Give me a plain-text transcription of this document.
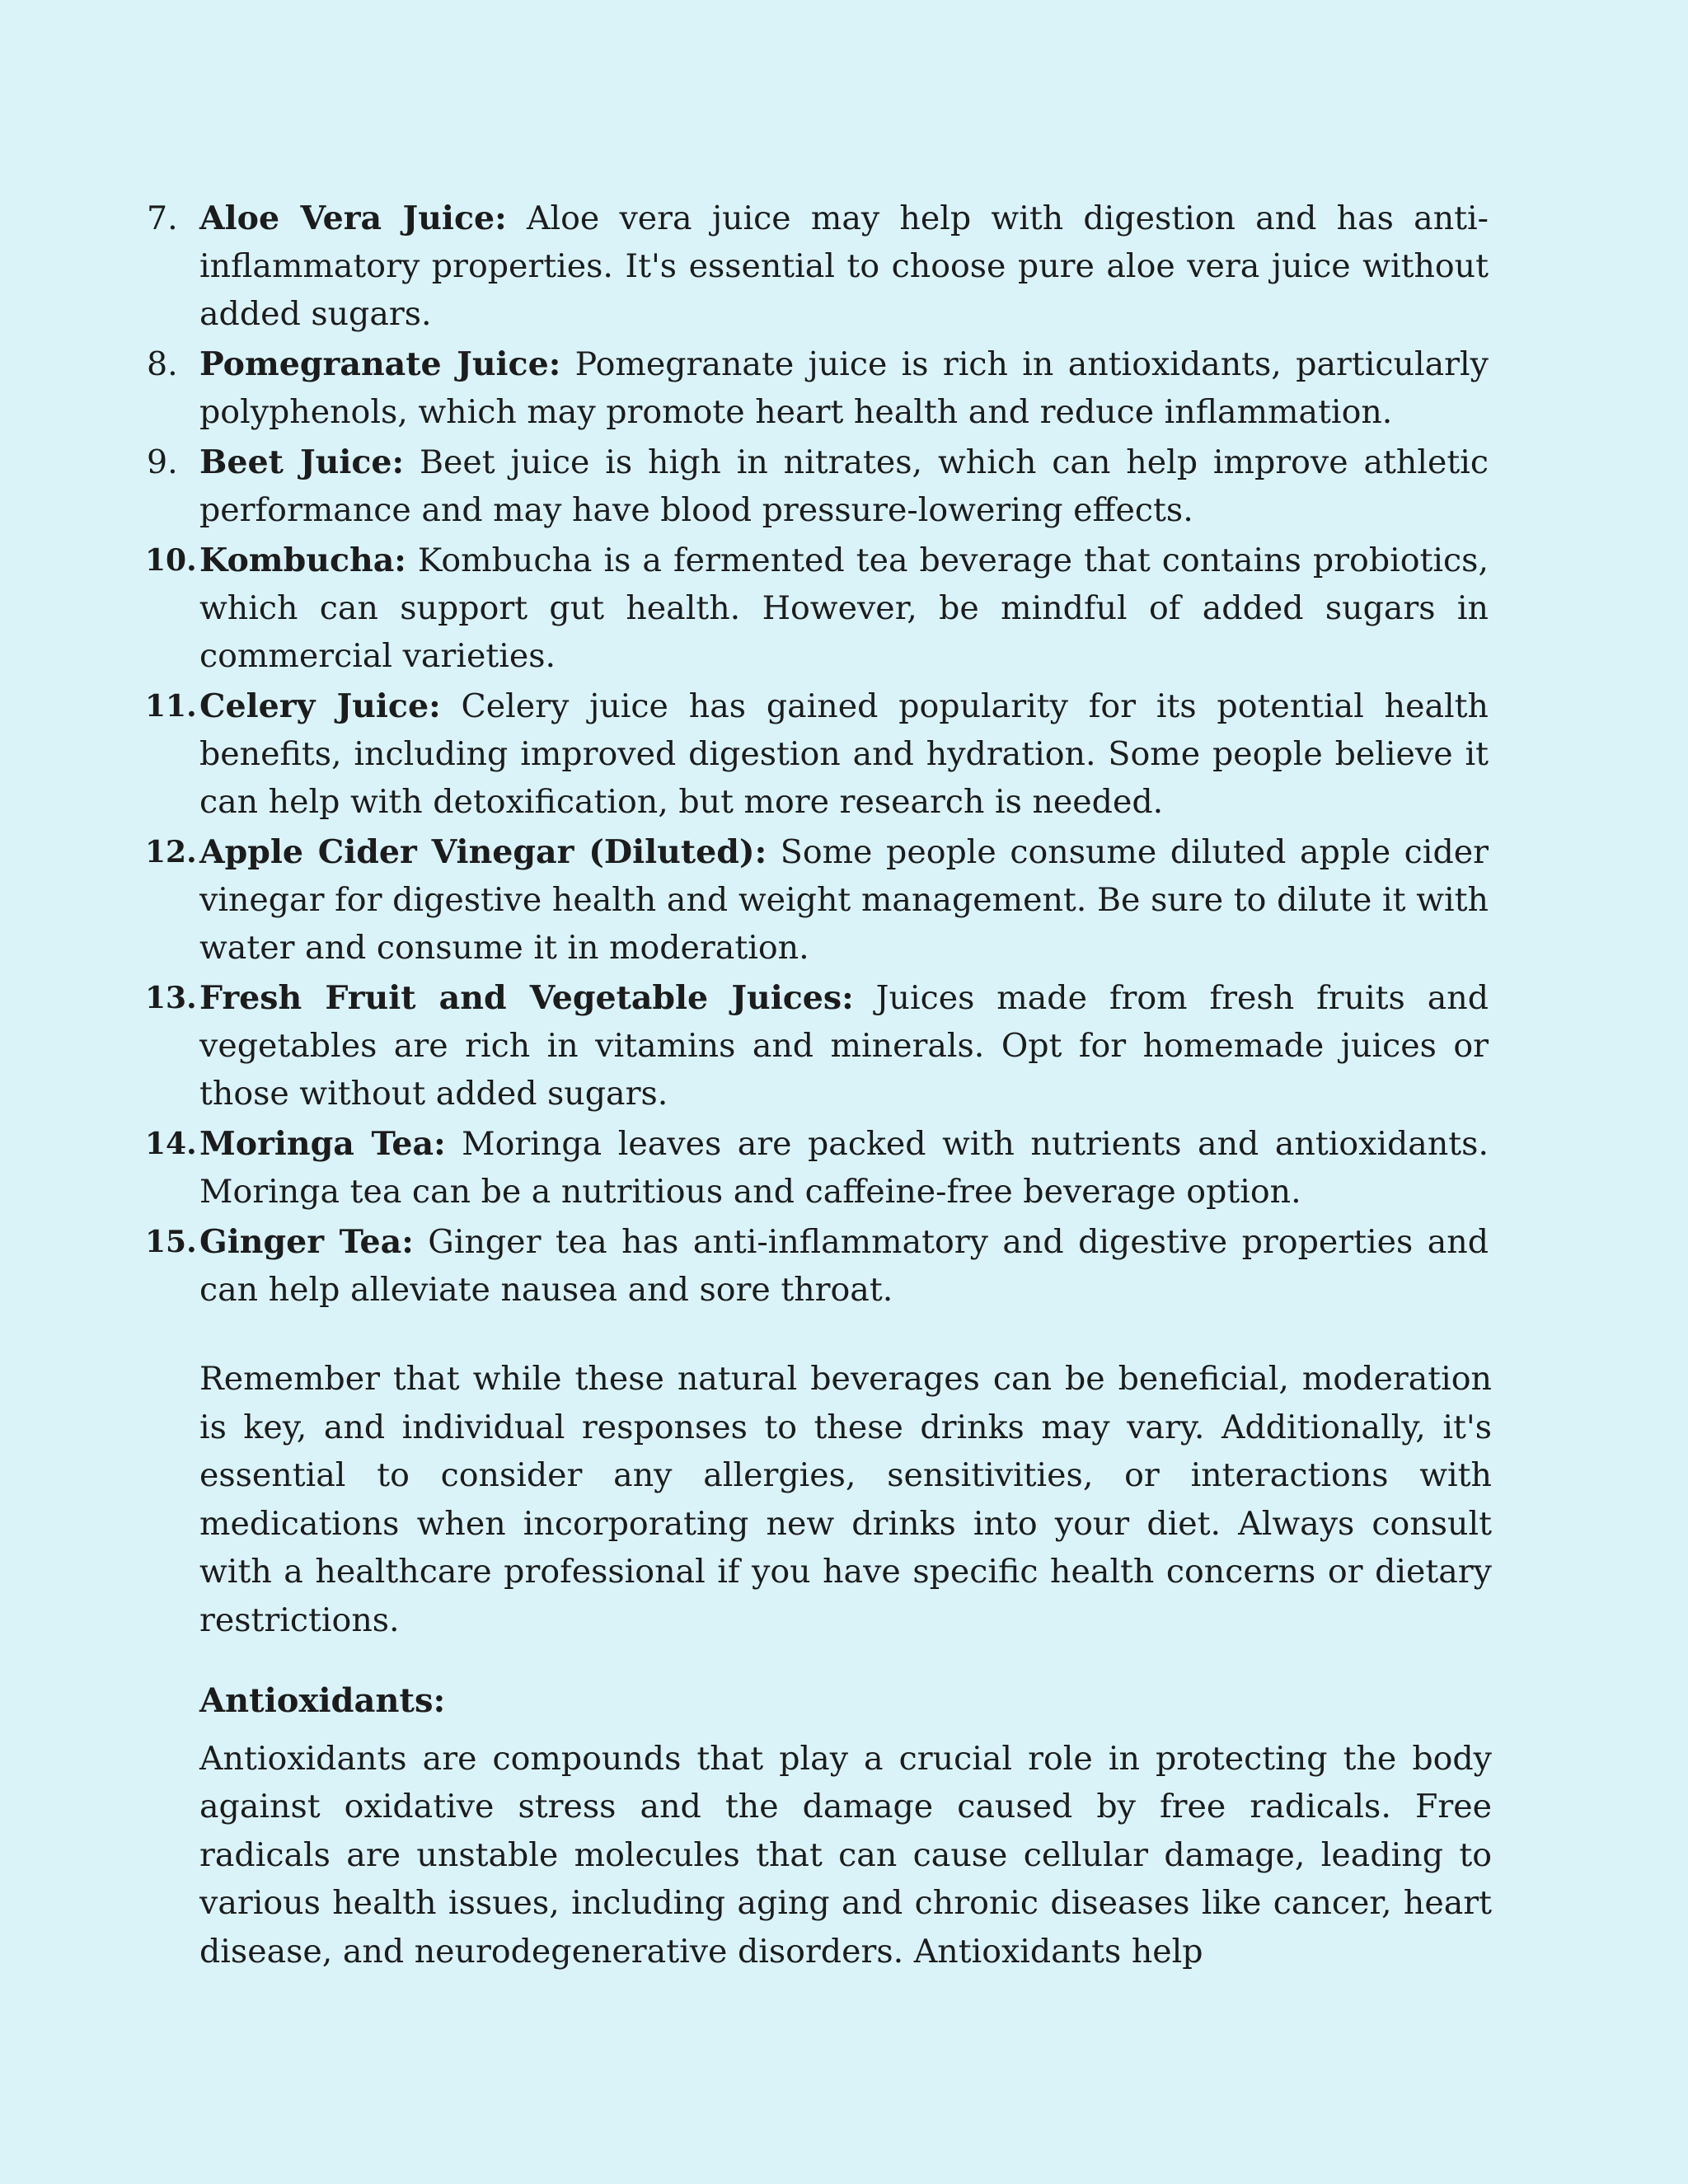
7. Aloe Vera Juice: Aloe vera juice may help with digestion and has anti-inflammatory properties. It's essential to choose pure aloe vera juice without added sugars.
8. Pomegranate Juice: Pomegranate juice is rich in antioxidants, particularly polyphenols, which may promote heart health and reduce inflammation.
9. Beet Juice: Beet juice is high in nitrates, which can help improve athletic performance and may have blood pressure-lowering effects.
10. Kombucha: Kombucha is a fermented tea beverage that contains probiotics, which can support gut health. However, be mindful of added sugars in commercial varieties.
11. Celery Juice: Celery juice has gained popularity for its potential health benefits, including improved digestion and hydration. Some people believe it can help with detoxification, but more research is needed.
12. Apple Cider Vinegar (Diluted): Some people consume diluted apple cider vinegar for digestive health and weight management. Be sure to dilute it with water and consume it in moderation.
13. Fresh Fruit and Vegetable Juices: Juices made from fresh fruits and vegetables are rich in vitamins and minerals. Opt for homemade juices or those without added sugars.
14. Moringa Tea: Moringa leaves are packed with nutrients and antioxidants. Moringa tea can be a nutritious and caffeine-free beverage option.
15. Ginger Tea: Ginger tea has anti-inflammatory and digestive properties and can help alleviate nausea and sore throat.

Remember that while these natural beverages can be beneficial, moderation is key, and individual responses to these drinks may vary. Additionally, it's essential to consider any allergies, sensitivities, or interactions with medications when incorporating new drinks into your diet. Always consult with a healthcare professional if you have specific health concerns or dietary restrictions.

Antioxidants:

Antioxidants are compounds that play a crucial role in protecting the body against oxidative stress and the damage caused by free radicals. Free radicals are unstable molecules that can cause cellular damage, leading to various health issues, including aging and chronic diseases like cancer, heart disease, and neurodegenerative disorders. Antioxidants help
